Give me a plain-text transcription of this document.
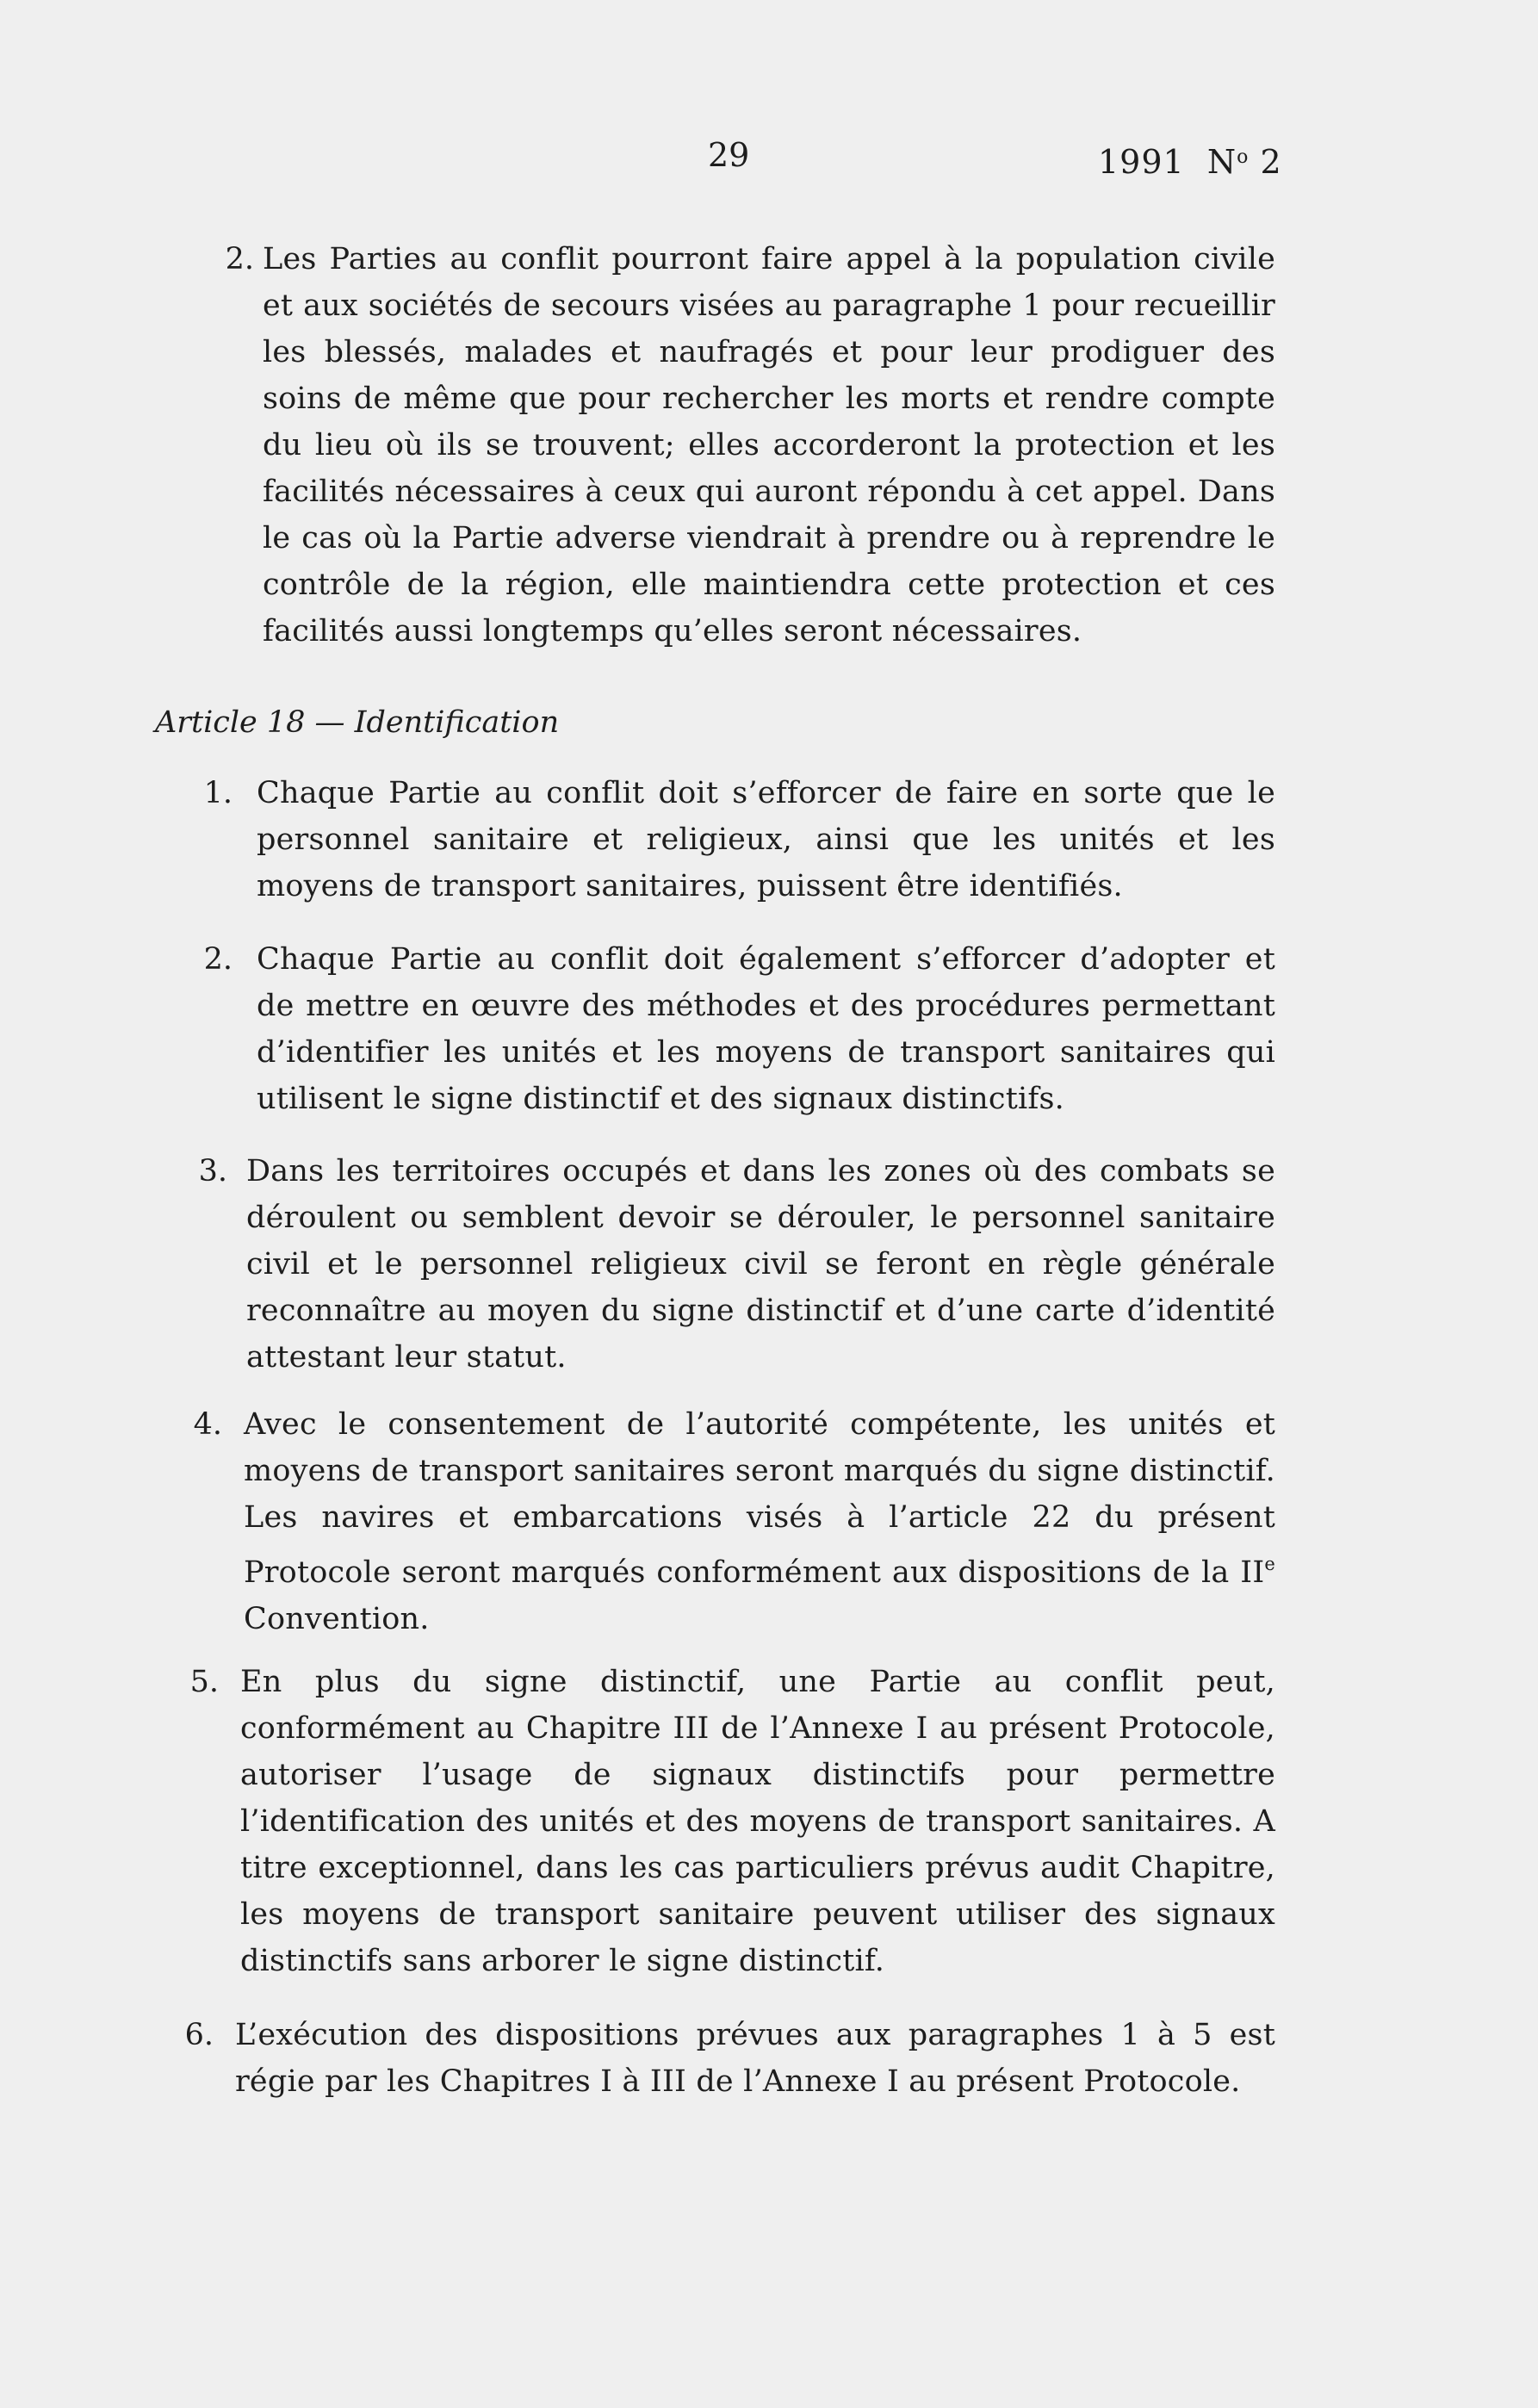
29	1991 $N^o$ 2
2. Les Parties au conflit pourront faire appel à la population civile et aux sociétés de secours visées au paragraphe 1 pour recueillir les blessés, malades et naufragés et pour leur prodiguer des soins de même que pour rechercher les morts et rendre compte du lieu où ils se trouvent; elles accorderont la protection et les facilités nécessaires à ceux qui auront répondu à cet appel. Dans le cas où la Partie adverse viendrait à prendre ou à reprendre le contrôle de la région, elle maintiendra cette protection et ces facilités aussi longtemps qu’elles seront nécessaires.
Article 18 — Identification
1. Chaque Partie au conflit doit s’efforcer de faire en sorte que le personnel sanitaire et religieux, ainsi que les unités et les moyens de transport sanitaires, puissent être identifiés.
2. Chaque Partie au conflit doit également s’efforcer d’adopter et de mettre en œuvre des méthodes et des procédures permettant d’identifier les unités et les moyens de transport sanitaires qui utilisent le signe distinctif et des signaux distinctifs.
3. Dans les territoires occupés et dans les zones où des combats se déroulent ou semblent devoir se dérouler, le personnel sanitaire civil et le personnel religieux civil se feront en règle générale reconnaître au moyen du signe distinctif et d’une carte d’identité attestant leur statut.
4. Avec le consentement de l’autorité compétente, les unités et moyens de transport sanitaires seront marqués du signe distinctif. Les navires et embarcations visés à l’article 22 du présent Protocole seront marqués conformément aux dispositions de la IIe Convention.
5. En plus du signe distinctif, une Partie au conflit peut, conformément au Chapitre III de l’Annexe I au présent Protocole, autoriser l’usage de signaux distinctifs pour permettre l’identification des unités et des moyens de transport sanitaires. A titre exceptionnel, dans les cas particuliers prévus audit Chapitre, les moyens de transport sanitaire peuvent utiliser des signaux distinctifs sans arborer le signe distinctif.
6. L’exécution des dispositions prévues aux paragraphes 1 à 5 est régie par les Chapitres I à III de l’Annexe I au présent Protocole.
